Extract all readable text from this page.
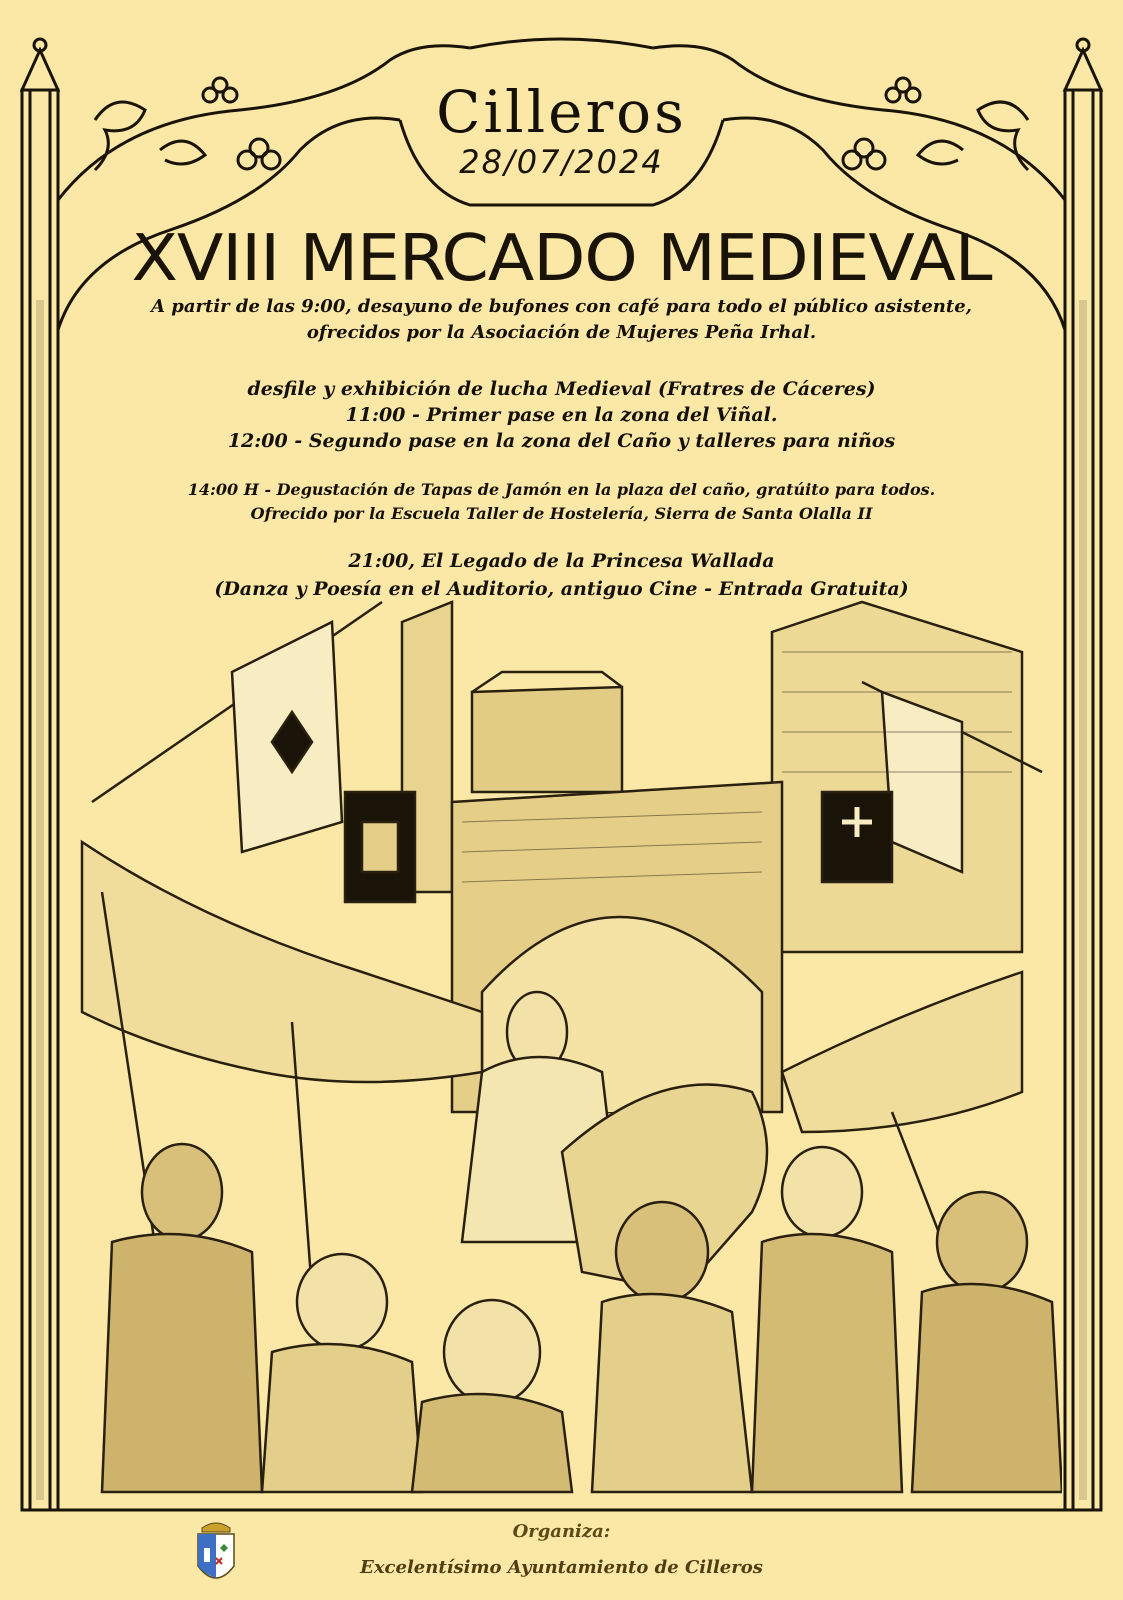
Cilleros
28/07/2024
XVIII MERCADO MEDIEVAL
A partir de las 9:00, desayuno de bufones con café para todo el público asistente,
ofrecidos por la Asociación de Mujeres Peña Irhal.
desfile y exhibición de lucha Medieval (Fratres de Cáceres)
11:00 - Primer pase en la zona del Viñal.
12:00 - Segundo pase en la zona del Caño y talleres para niños
14:00 H - Degustación de Tapas de Jamón en la plaza del caño, gratúito para todos.
Ofrecido por la Escuela Taller de Hostelería, Sierra de Santa Olalla II
21:00, El Legado de la Princesa Wallada
(Danza y Poesía en el Auditorio, antiguo Cine - Entrada Gratuita)
Organiza:
Excelentísimo Ayuntamiento de Cilleros
